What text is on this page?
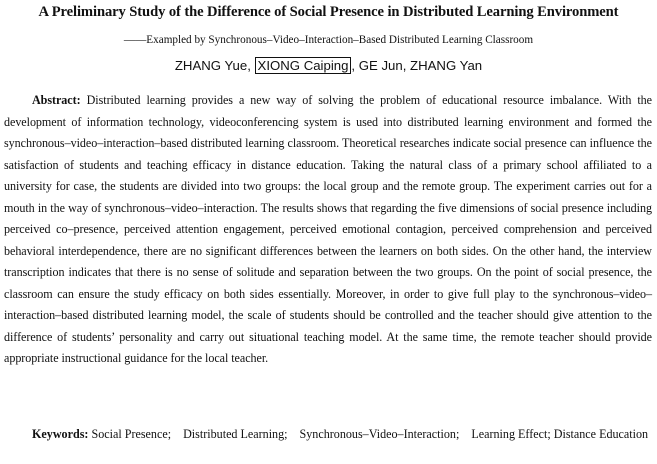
A Preliminary Study of the Difference of Social Presence in Distributed Learning Environment
——Exampled by Synchronous–Video–Interaction–Based Distributed Learning Classroom
ZHANG Yue, XIONG Caiping , GE Jun, ZHANG Yan

Abstract: Distributed learning provides a new way of solving the problem of educational resource imbalance. With the development of information technology, videoconferencing system is used into distributed learning environment and formed the synchronous–video–interaction–based distributed learning classroom. Theoretical researches indicate social presence can influence the satisfaction of students and teaching efficacy in distance education. Taking the natural class of a primary school affiliated to a university for case, the students are divided into two groups: the local group and the remote group. The experiment carries out for a mouth in the way of synchronous–video–interaction. The results shows that regarding the five dimensions of social presence including perceived co–presence, perceived attention engagement, perceived emotional contagion, perceived comprehension and perceived behavioral interdependence, there are no significant differences between the learners on both sides. On the other hand, the interview transcription indicates that there is no sense of solitude and separation between the two groups. On the point of social presence, the classroom can ensure the study efficacy on both sides essentially. Moreover, in order to give full play to the synchronous–video–interaction–based distributed learning model, the scale of students should be controlled and the teacher should give attention to the difference of students’ personality and carry out situational teaching model. At the same time, the remote teacher should provide appropriate instructional guidance for the local teacher.

Keywords: Social Presence; Distributed Learning; Synchronous–Video–Interaction; Learning Effect; Distance Education
